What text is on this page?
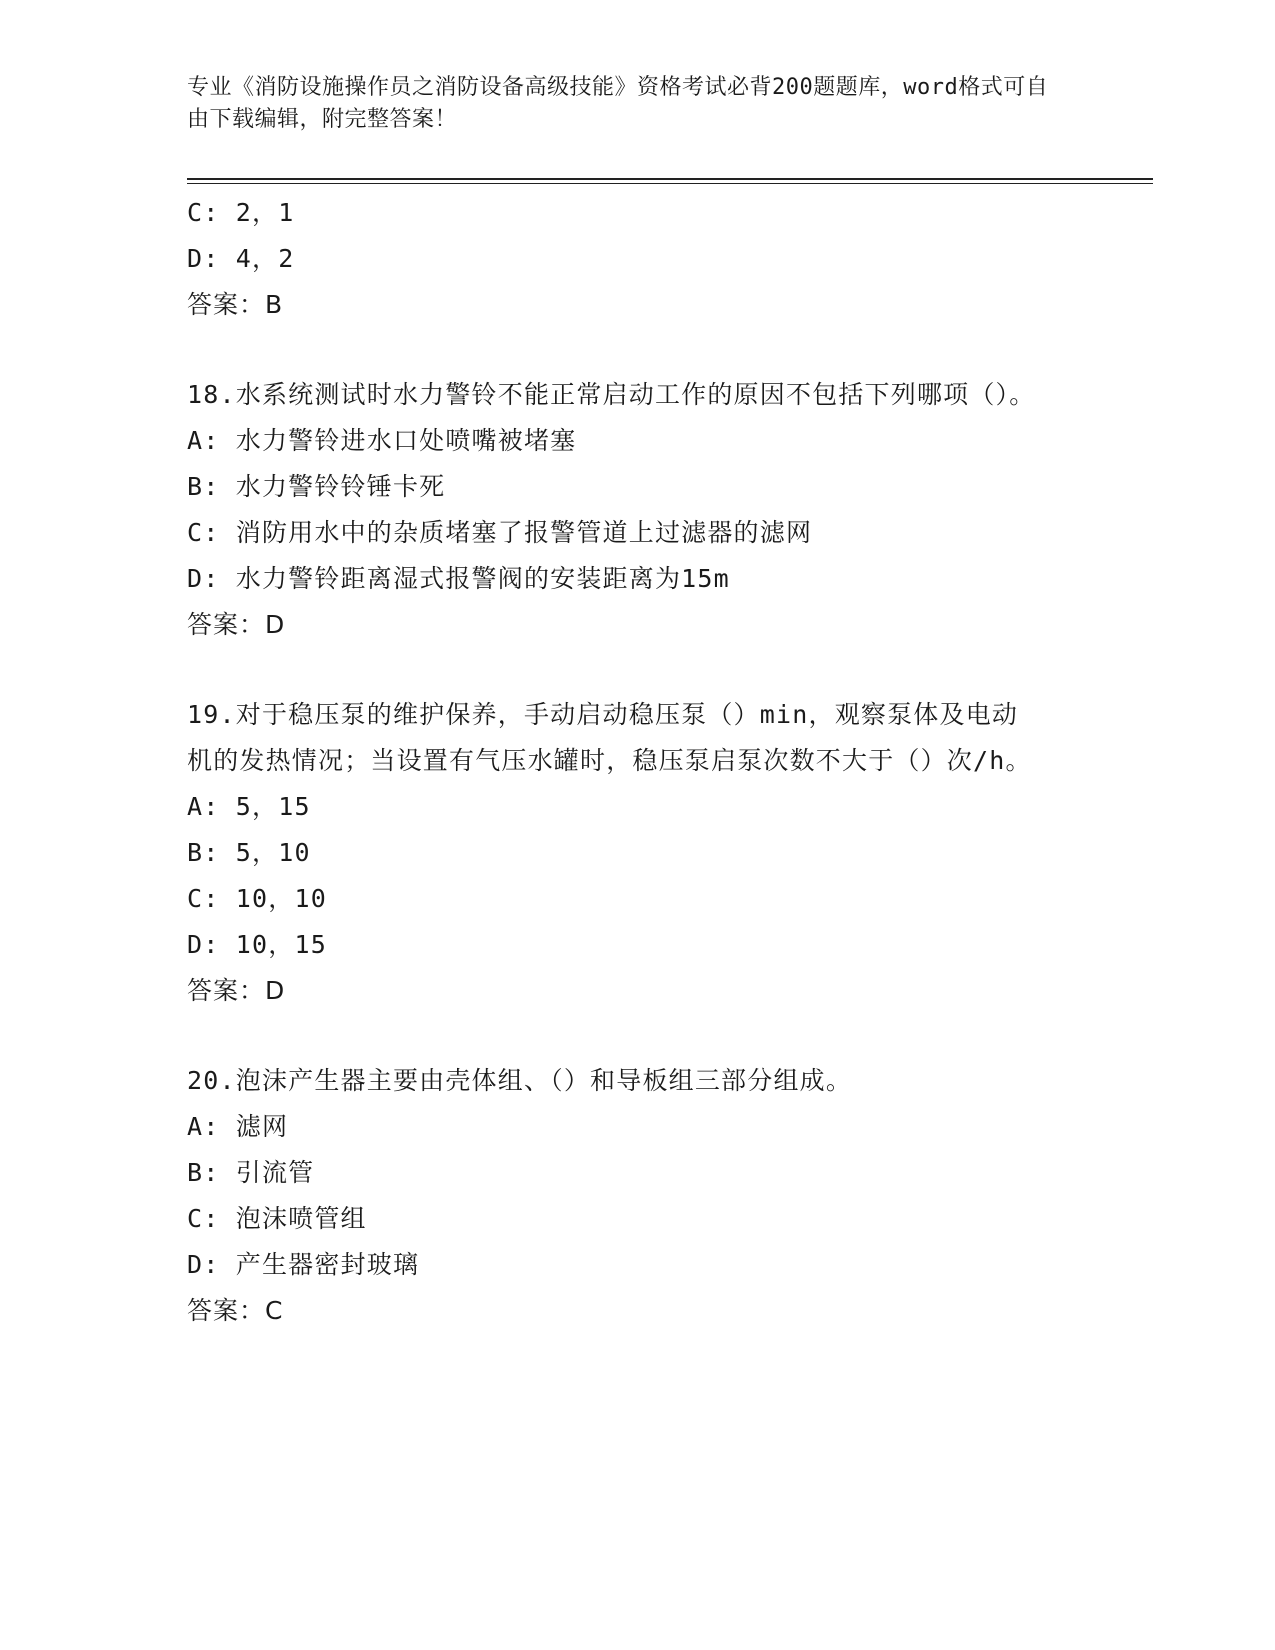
专业《消防设施操作员之消防设备高级技能》资格考试必背200题题库，word格式可自由下载编辑，附完整答案！
C: 2，1
D: 4，2
答案：B
18.水系统测试时水力警铃不能正常启动工作的原因不包括下列哪项（）。
A: 水力警铃进水口处喷嘴被堵塞
B: 水力警铃铃锤卡死
C: 消防用水中的杂质堵塞了报警管道上过滤器的滤网
D: 水力警铃距离湿式报警阀的安装距离为15m
答案：D
19.对于稳压泵的维护保养，手动启动稳压泵（）min，观察泵体及电动机的发热情况；当设置有气压水罐时，稳压泵启泵次数不大于（）次/h。
A: 5，15
B: 5，10
C: 10，10
D: 10，15
答案：D
20.泡沫产生器主要由壳体组、（）和导板组三部分组成。
A: 滤网
B: 引流管
C: 泡沫喷管组
D: 产生器密封玻璃
答案：C
